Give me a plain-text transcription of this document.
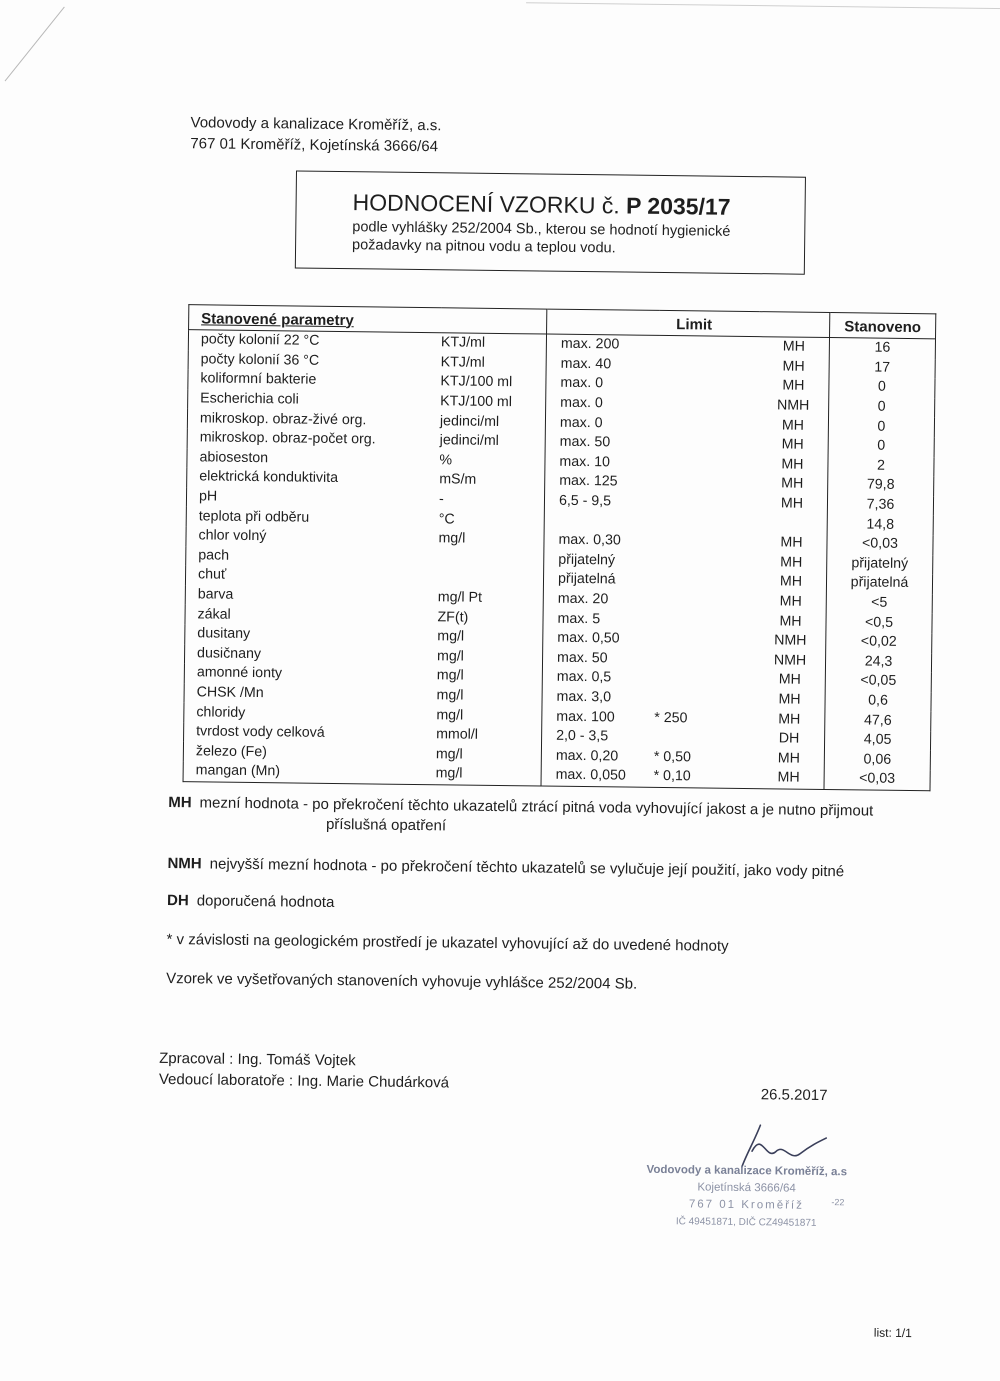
Vodovody a kanalizace Kroměříž, a.s.
767 01 Kroměříž, Kojetínská 3666/64
HODNOCENÍ VZORKU č. P 2035/17
podle vyhlášky 252/2004 Sb., kterou se hodnotí hygienické požadavky na pitnou vodu a teplou vodu.
Stanovené parametry		Limit			Stanoveno
počty kolonií 22 °C	KTJ/ml	max. 200		MH	16
počty kolonií 36 °C	KTJ/ml	max. 40		MH	17
koliformní bakterie	KTJ/100 ml	max. 0		MH	0
Escherichia coli	KTJ/100 ml	max. 0		NMH	0
mikroskop. obraz-živé org.	jedinci/ml	max. 0		MH	0
mikroskop. obraz-počet org.	jedinci/ml	max. 50		MH	0
abioseston	%	max. 10		MH	2
elektrická konduktivita	mS/m	max. 125		MH	79,8
pH	-	6,5 - 9,5		MH	7,36
teplota při odběru	°C				14,8
chlor volný	mg/l	max. 0,30		MH	<0,03
pach		přijatelný		MH	přijatelný
chuť		přijatelná		MH	přijatelná
barva	mg/l Pt	max. 20		MH	<5
zákal	ZF(t)	max. 5		MH	<0,5
dusitany	mg/l	max. 0,50		NMH	<0,02
dusičnany	mg/l	max. 50		NMH	24,3
amonné ionty	mg/l	max. 0,5		MH	<0,05
CHSK /Mn	mg/l	max. 3,0		MH	0,6
chloridy	mg/l	max. 100	* 250	MH	47,6
tvrdost vody celková	mmol/l	2,0 - 3,5		DH	4,05
železo (Fe)	mg/l	max. 0,20	* 0,50	MH	0,06
mangan (Mn)	mg/l	max. 0,050	* 0,10	MH	<0,03
MH mezní hodnota - po překročení těchto ukazatelů ztrácí pitná voda vyhovující jakost a je nutno přijmout
příslušná opatření
NMH nejvyšší mezní hodnota - po překročení těchto ukazatelů se vylučuje její použití, jako vody pitné
DH doporučená hodnota
* v závislosti na geologickém prostředí je ukazatel vyhovující až do uvedené hodnoty
Vzorek ve vyšetřovaných stanoveních vyhovuje vyhlášce 252/2004 Sb.
Zpracoval : Ing. Tomáš Vojtek
Vedoucí laboratoře : Ing. Marie Chudárková
26.5.2017
Vodovody a kanalizace Kroměříž, a.s
Kojetínská 3666/64
767 01 Kroměříž
IČ 49451871, DIČ CZ49451871
-22
list: 1/1
